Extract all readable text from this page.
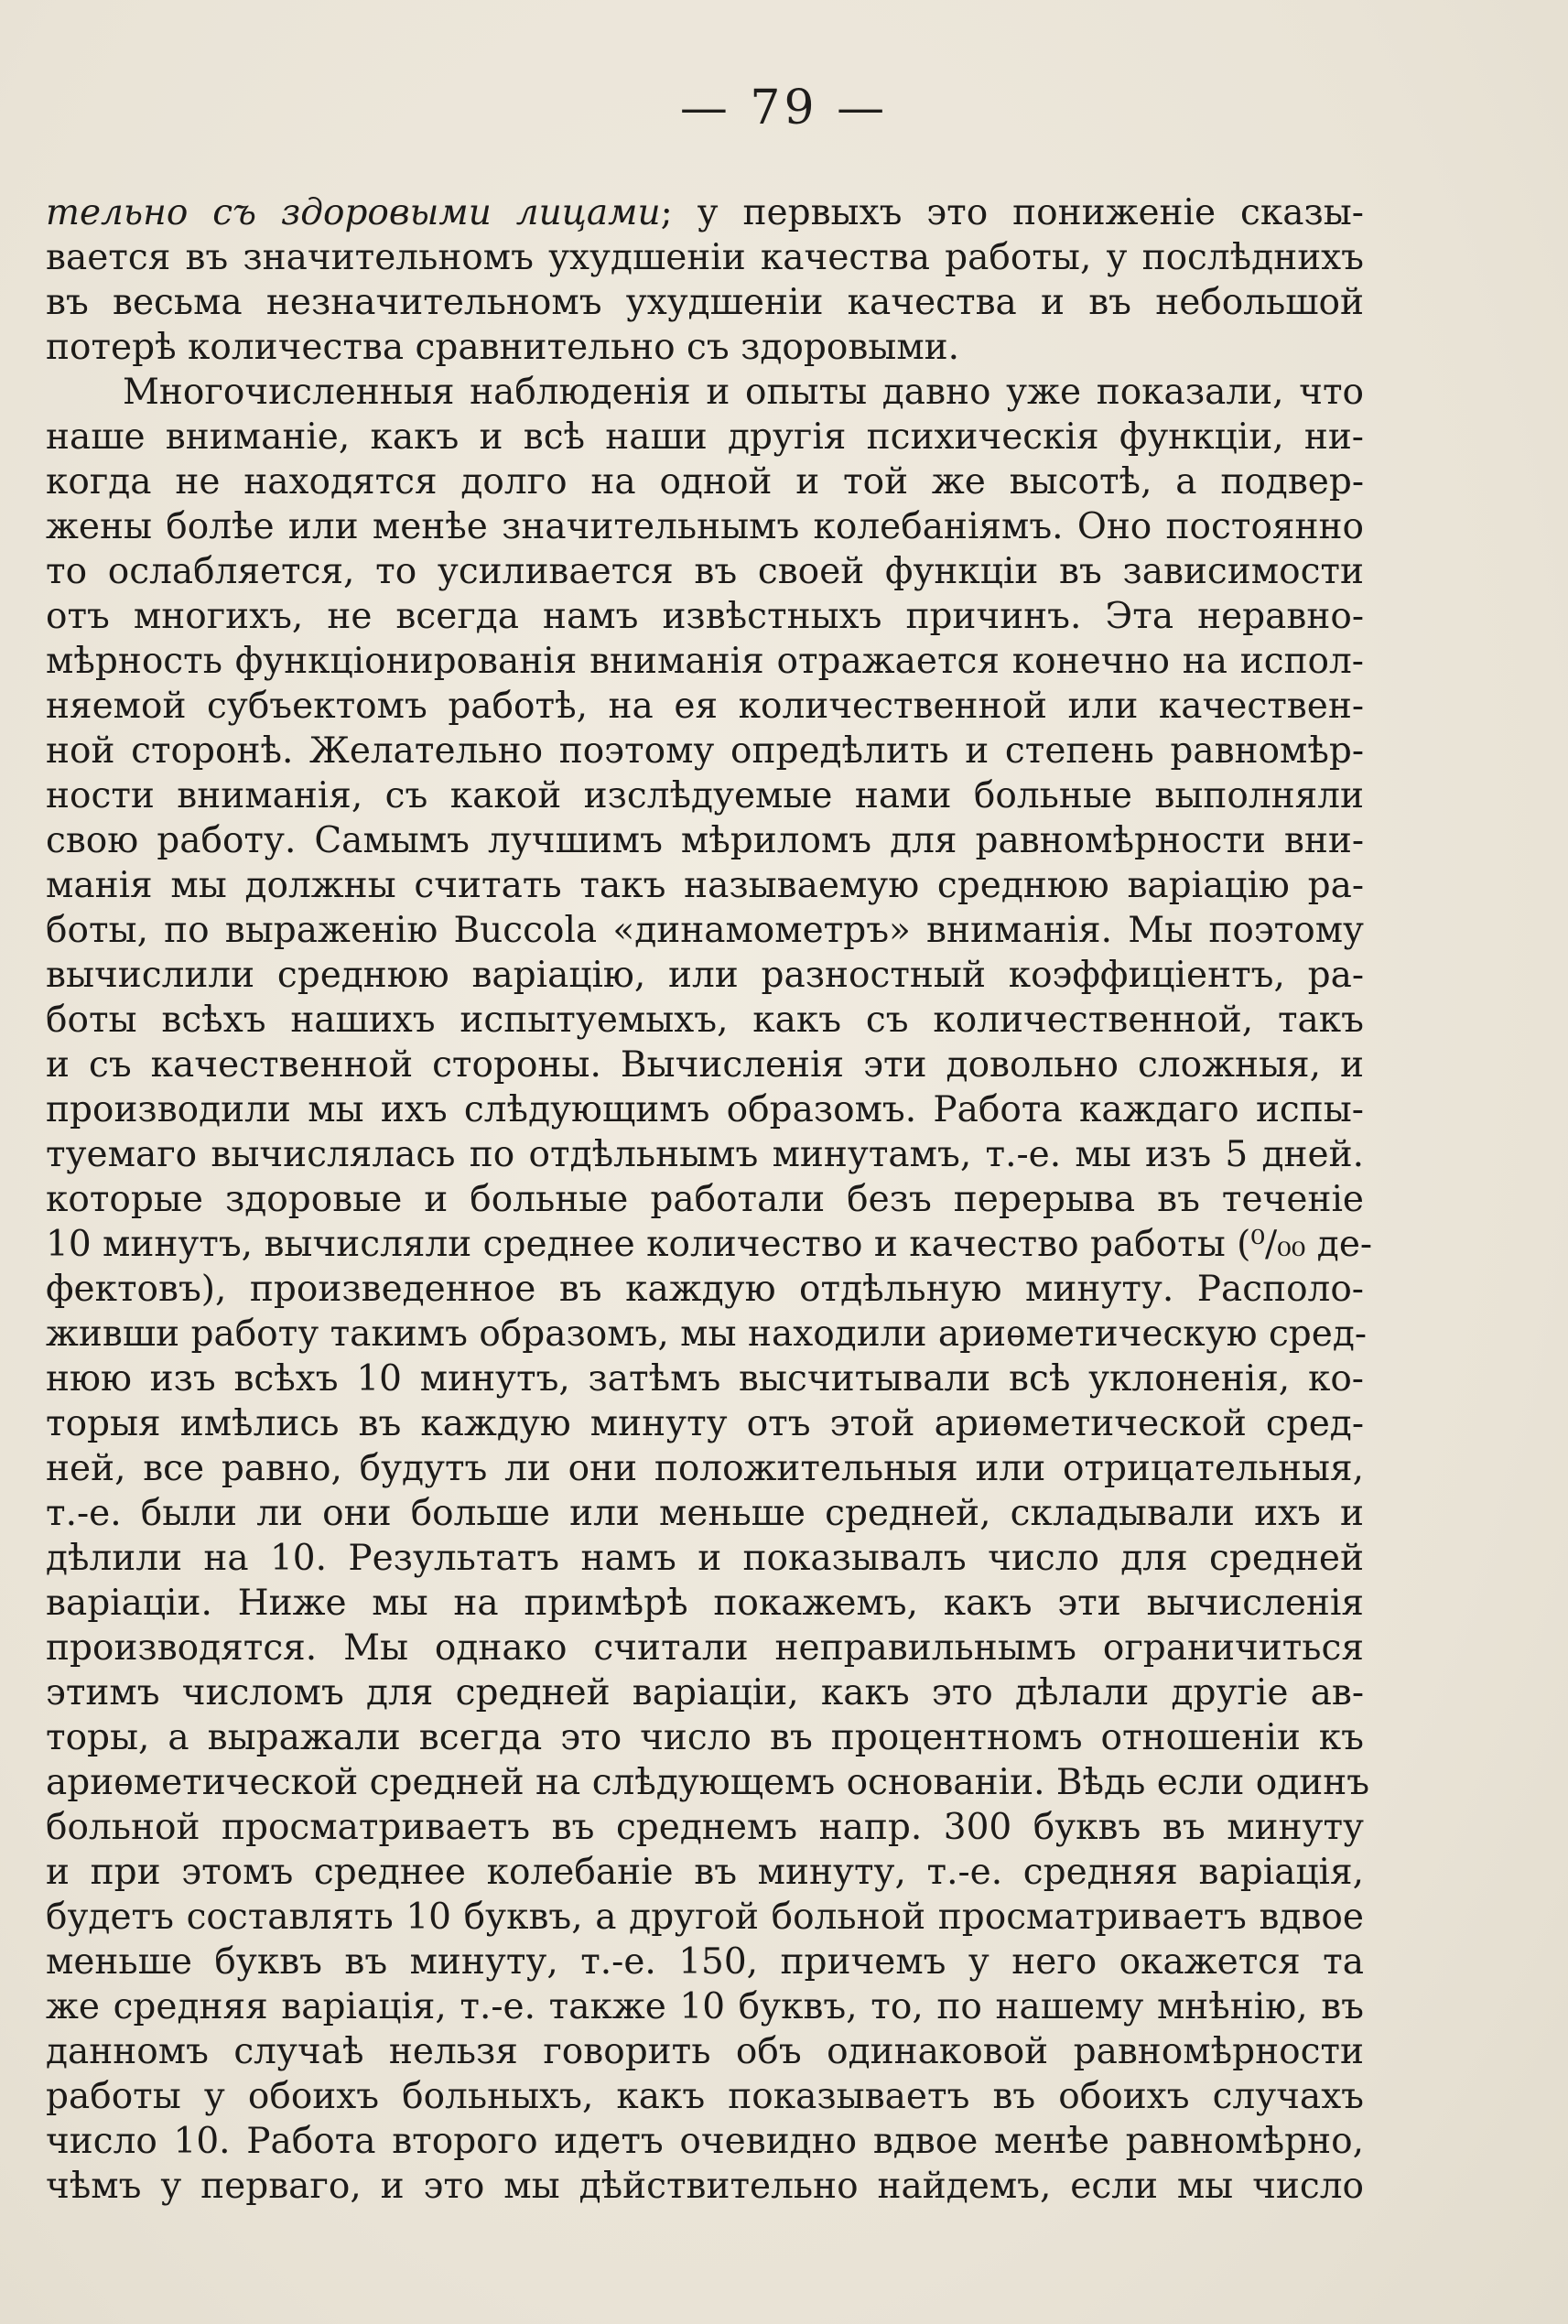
— 79 —
тельно съ здоровыми лицами; у первыхъ это пониженіе сказы-
вается въ значительномъ ухудшеніи качества работы, у послѣднихъ
въ весьма незначительномъ ухудшеніи качества и въ небольшой
потерѣ количества сравнительно съ здоровыми.
Многочисленныя наблюденія и опыты давно уже показали, что
наше вниманіе, какъ и всѣ наши другія психическія функціи, ни-
когда не находятся долго на одной и той же высотѣ, а подвер-
жены болѣе или менѣе значительнымъ колебаніямъ. Оно постоянно
то ослабляется, то усиливается въ своей функціи въ зависимости
отъ многихъ, не всегда намъ извѣстныхъ причинъ. Эта неравно-
мѣрность функціонированія вниманія отражается конечно на испол-
няемой субъектомъ работѣ, на ея количественной или качествен-
ной сторонѣ. Желательно поэтому опредѣлить и степень равномѣр-
ности вниманія, съ какой изслѣдуемые нами больные выполняли
свою работу. Самымъ лучшимъ мѣриломъ для равномѣрности вни-
манія мы должны считать такъ называемую среднюю варіацію ра-
боты, по выраженію Buccola «динамометръ» вниманія. Мы поэтому
вычислили среднюю варіацію, или разностный коэффиціентъ, ра-
боты всѣхъ нашихъ испытуемыхъ, какъ съ количественной, такъ
и съ качественной стороны. Вычисленія эти довольно сложныя, и
производили мы ихъ слѣдующимъ образомъ. Работа каждаго испы-
туемаго вычислялась по отдѣльнымъ минутамъ, т.-е. мы изъ 5 дней.
которые здоровые и больные работали безъ перерыва въ теченіе
10 минутъ, вычисляли среднее количество и качество работы (⁰/₀₀ де-
фектовъ), произведенное въ каждую отдѣльную минуту. Располо-
живши работу такимъ образомъ, мы находили ариѳметическую сред-
нюю изъ всѣхъ 10 минутъ, затѣмъ высчитывали всѣ уклоненія, ко-
торыя имѣлись въ каждую минуту отъ этой ариѳметической сред-
ней, все равно, будутъ ли они положительныя или отрицательныя,
т.-е. были ли они больше или меньше средней, складывали ихъ и
дѣлили на 10. Результатъ намъ и показывалъ число для средней
варіаціи. Ниже мы на примѣрѣ покажемъ, какъ эти вычисленія
производятся. Мы однако считали неправильнымъ ограничиться
этимъ числомъ для средней варіаціи, какъ это дѣлали другіе ав-
торы, а выражали всегда это число въ процентномъ отношеніи къ
ариѳметической средней на слѣдующемъ основаніи. Вѣдь если одинъ
больной просматриваетъ въ среднемъ напр. 300 буквъ въ минуту
и при этомъ среднее колебаніе въ минуту, т.-е. средняя варіація,
будетъ составлять 10 буквъ, а другой больной просматриваетъ вдвое
меньше буквъ въ минуту, т.-е. 150, причемъ у него окажется та
же средняя варіація, т.-е. также 10 буквъ, то, по нашему мнѣнію, въ
данномъ случаѣ нельзя говорить объ одинаковой равномѣрности
работы у обоихъ больныхъ, какъ показываетъ въ обоихъ случахъ
число 10. Работа второго идетъ очевидно вдвое менѣе равномѣрно,
чѣмъ у перваго, и это мы дѣйствительно найдемъ, если мы число
